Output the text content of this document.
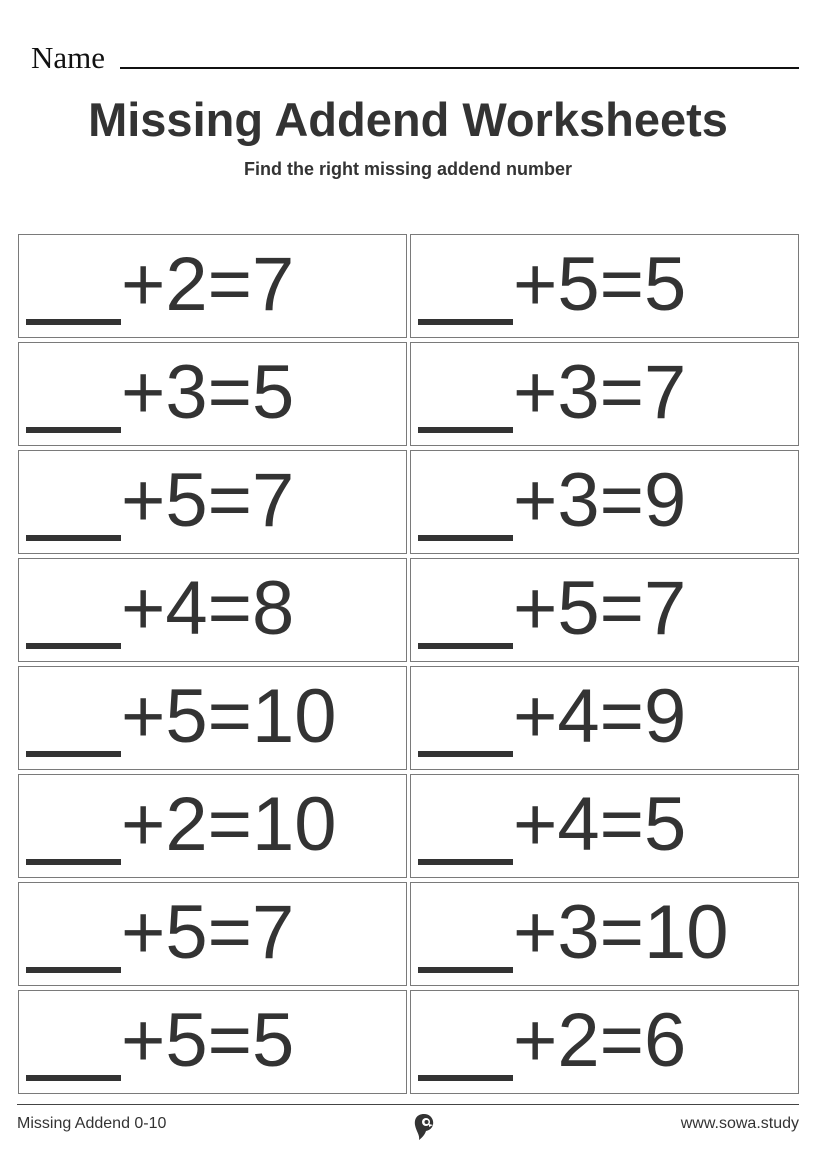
Name
Missing Addend Worksheets
Find the right missing addend number
+2=7	+5=5
+3=5	+3=7
+5=7	+3=9
+4=8	+5=7
+5=10 +4=9
+2=10 +4=5
+5=7	+3=10
+5=5	+2=6
Missing Addend 0-10	www.sowa.study
